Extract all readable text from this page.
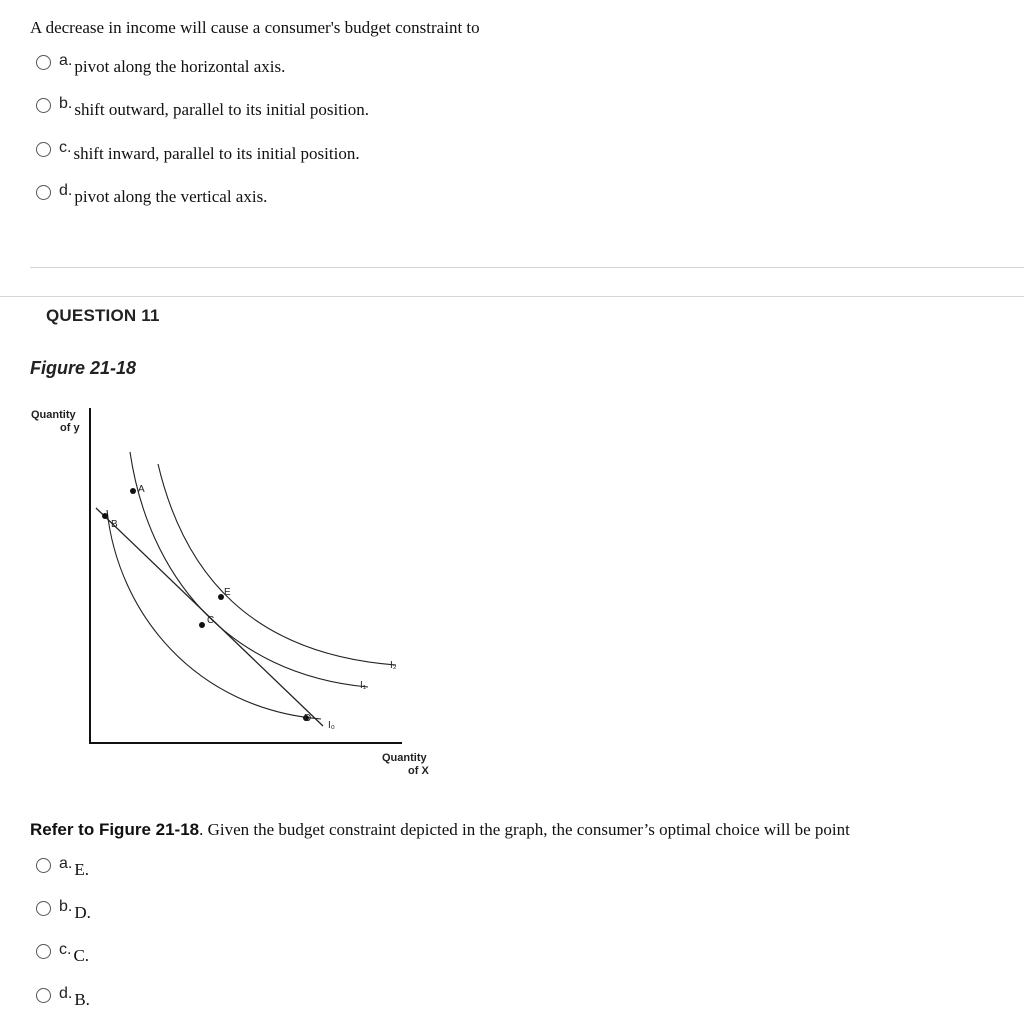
A decrease in income will cause a consumer's budget constraint to
a. pivot along the horizontal axis.
b. shift outward, parallel to its initial position.
c. shift inward, parallel to its initial position.
d. pivot along the vertical axis.
QUESTION 11
Figure 21-18
Quantity
of y
Quantity
of X
A
B
C
E
D
I₀
I₁
I₂
Refer to Figure 21-18. Given the budget constraint depicted in the graph, the consumer’s optimal choice will be point
a. E.
b. D.
c. C.
d. B.
